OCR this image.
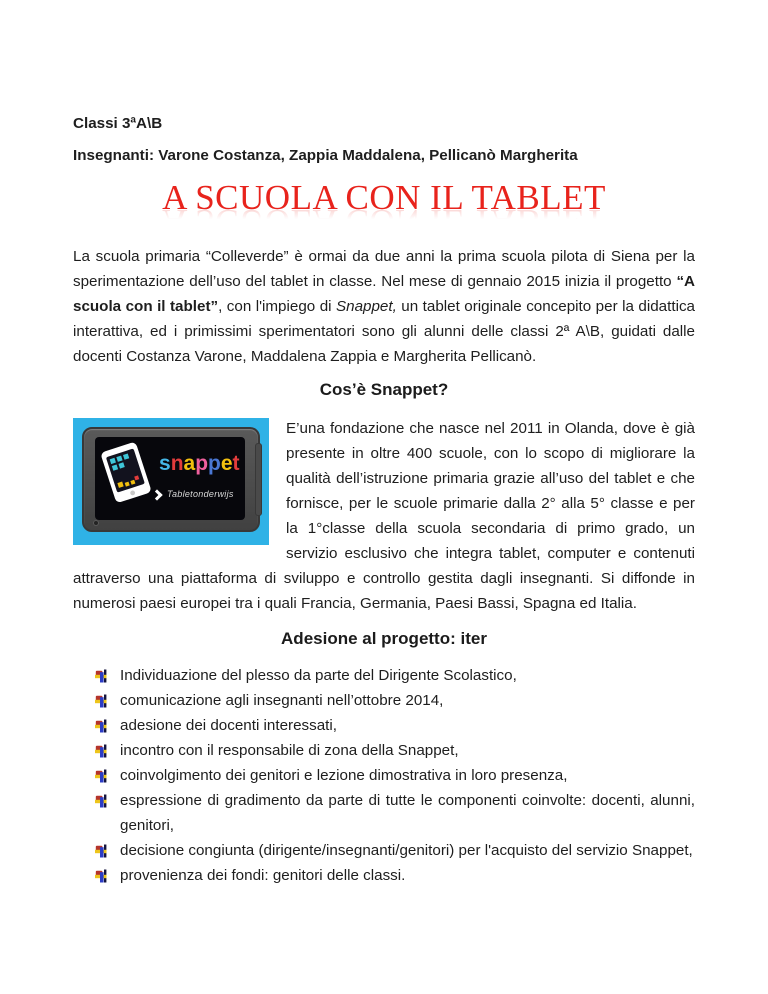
Classi 3ªA\B

Insegnanti: Varone Costanza, Zappia Maddalena, Pellicanò Margherita

A SCUOLA CON IL TABLET

La scuola primaria “Colleverde” è ormai da due anni la prima scuola pilota di Siena per la sperimentazione dell’uso del tablet in classe. Nel mese di gennaio 2015 inizia il progetto “A scuola con il tablet”, con l'impiego di Snappet, un tablet originale concepito per la didattica interattiva, ed i primissimi sperimentatori sono gli alunni delle classi 2ª A\B, guidati dalle docenti Costanza Varone, Maddalena Zappia e Margherita Pellicanò.

Cos’è Snappet?
snappet
Tabletonderwijs
E’una fondazione che nasce nel 2011 in Olanda, dove è già presente in oltre 400 scuole, con lo scopo di migliorare la qualità dell’istruzione primaria grazie all’uso del tablet e che fornisce, per le scuole primarie dalla 2° alla 5° classe e per la 1°classe della scuola secondaria di primo grado, un servizio esclusivo che integra tablet, computer e contenuti attraverso una piattaforma di sviluppo e controllo gestita dagli insegnanti. Si diffonde in numerosi paesi europei tra i quali Francia, Germania, Paesi Bassi, Spagna ed Italia.
Adesione al progetto: iter
Individuazione del plesso da parte del Dirigente Scolastico,
comunicazione agli insegnanti nell’ottobre 2014,
adesione dei docenti interessati,
incontro con il responsabile di zona della Snappet,
coinvolgimento dei genitori e lezione dimostrativa in loro presenza,
espressione di gradimento da parte di tutte le componenti coinvolte: docenti, alunni, genitori,
decisione congiunta (dirigente/insegnanti/genitori) per l'acquisto del servizio Snappet,
provenienza dei fondi: genitori delle classi.
